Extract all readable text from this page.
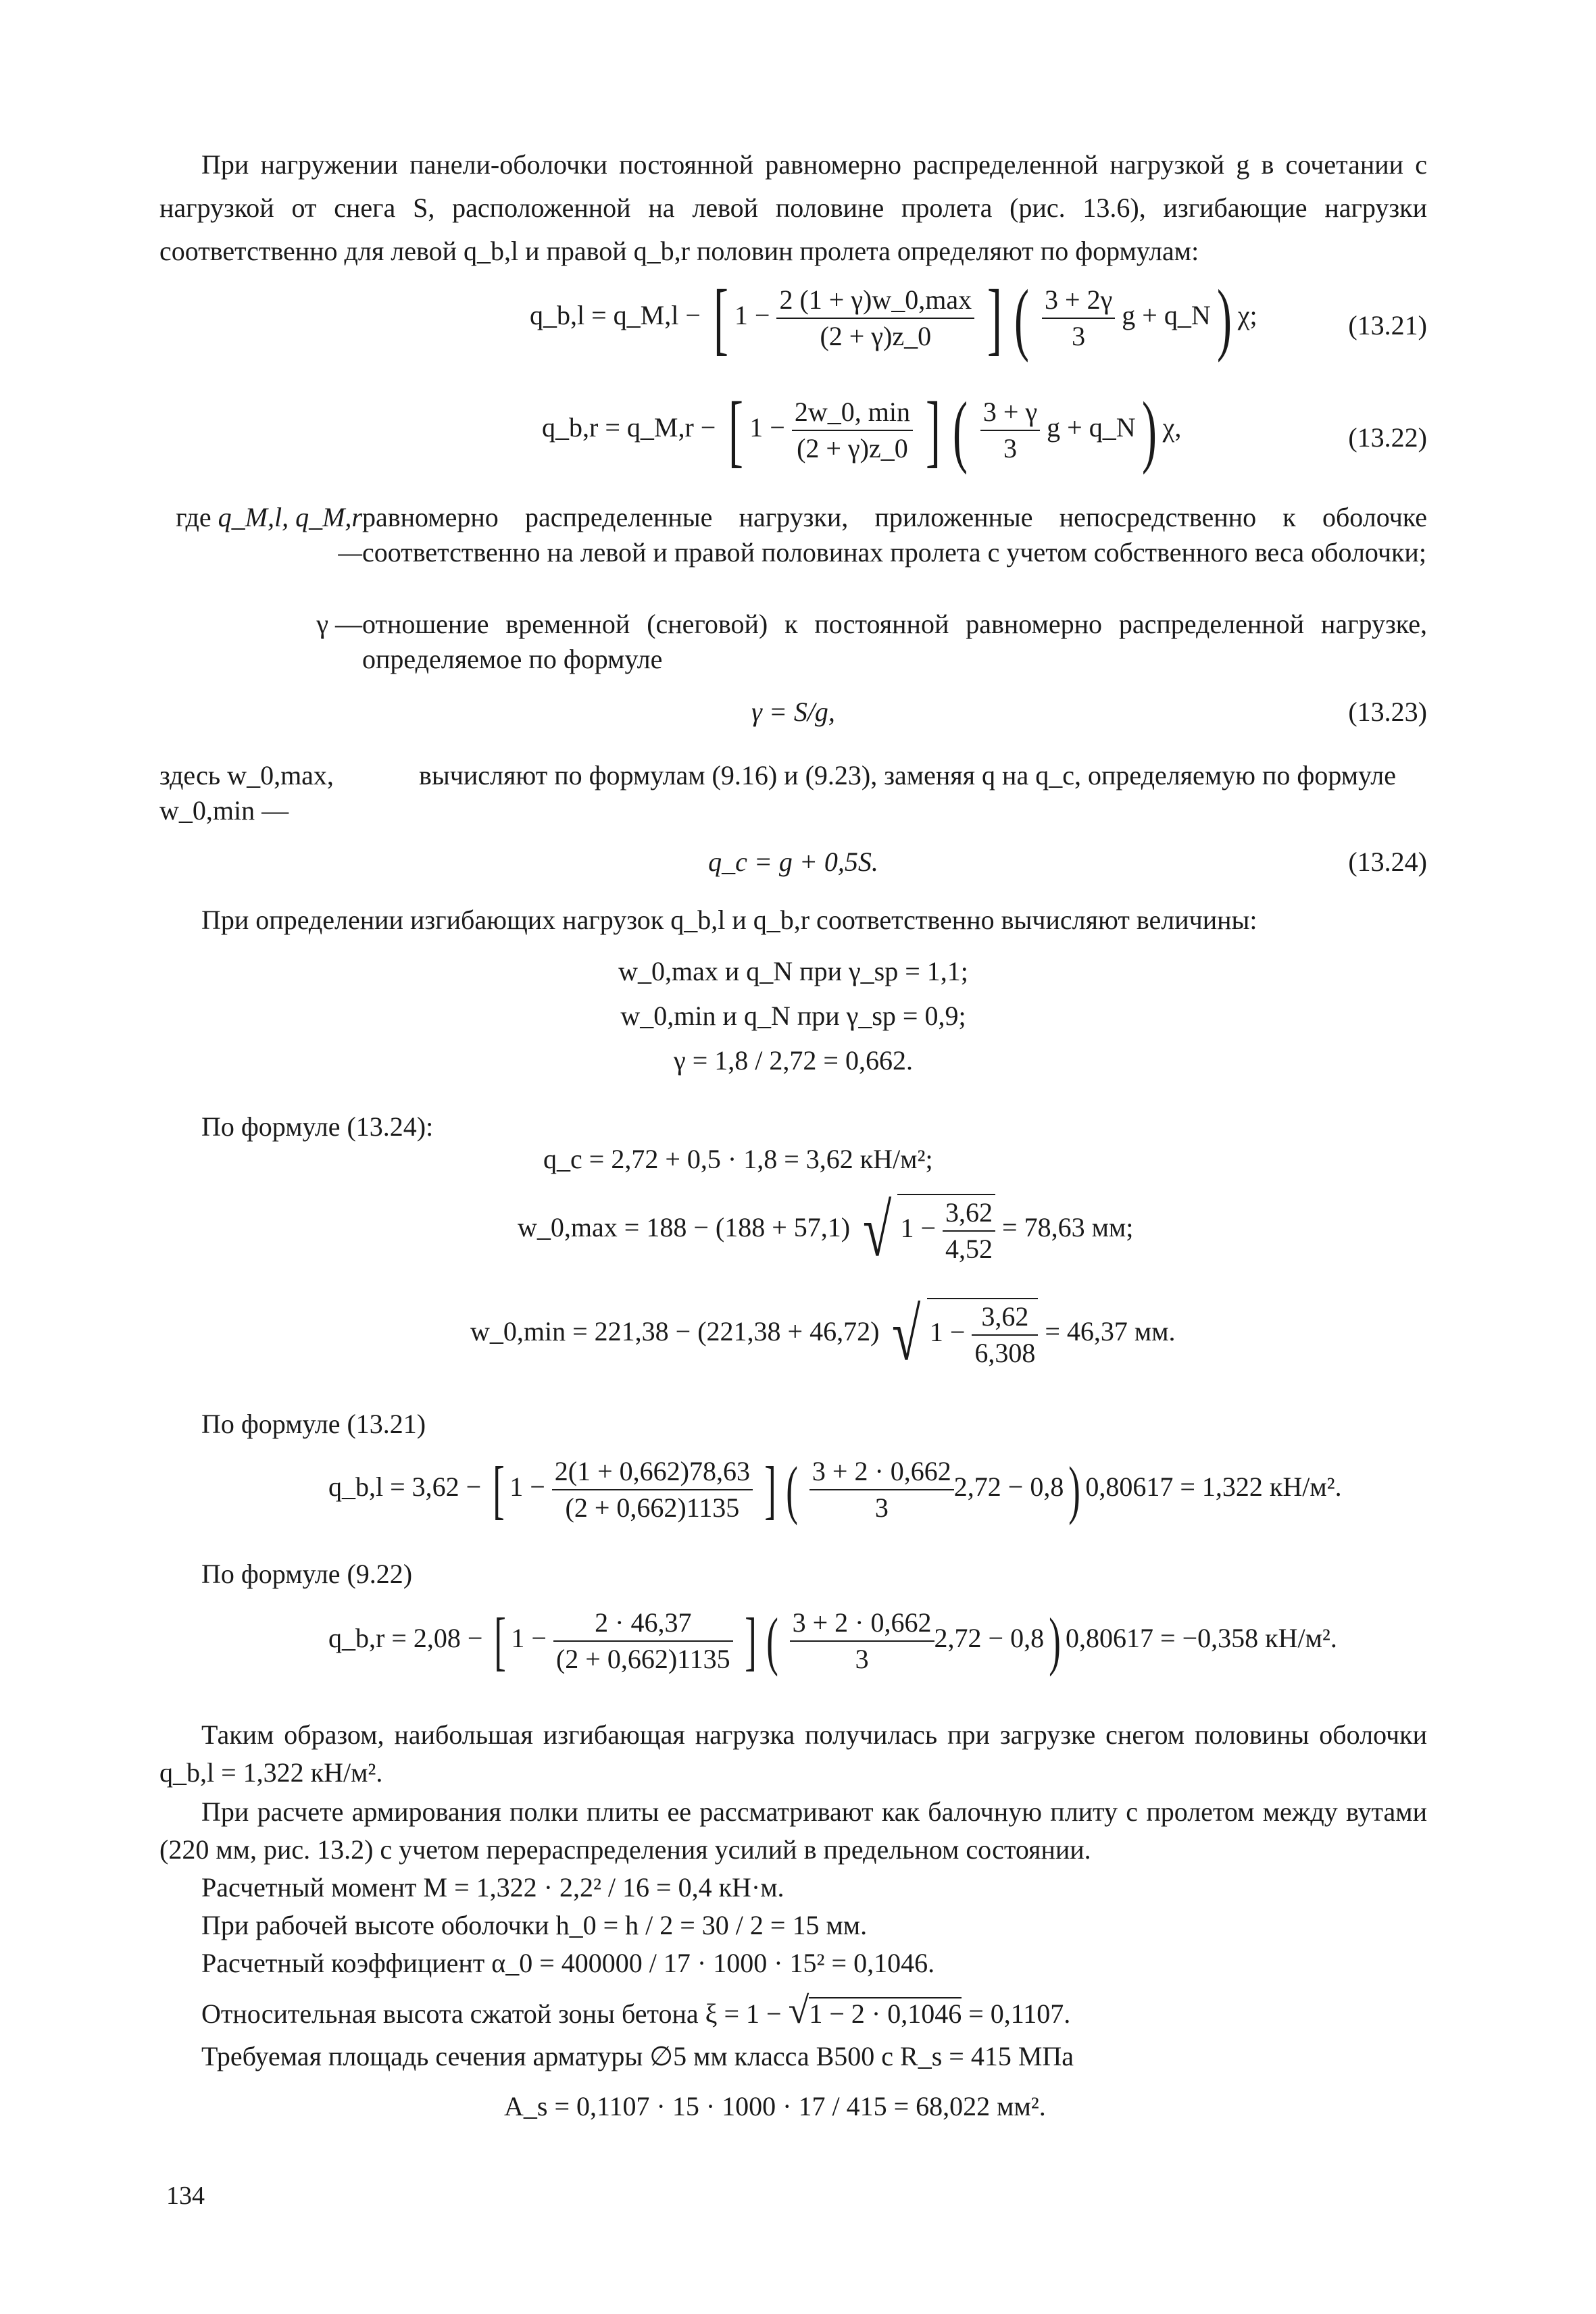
При нагружении панели-оболочки постоянной равномерно распределенной нагрузкой g в сочетании с нагрузкой от снега S, расположенной на левой половине пролета (рис. 13.6), изгибающие нагрузки соответственно для левой q_b,l и правой q_b,r половин пролета определяют по формулам:
q_b,l = q_M,l − [ $1 - \frac{2 (1 + \gamma)w\_0,\max}{(2 + \gamma)z\_0}$ ] ( $\frac{3 + 2\gamma}{3}$ g + q_N) χ;	(13.21)
q_b,r = q_M,r − [ $1 - \frac{2w\_0, \min}{(2 + \gamma)z\_0}$ ] ( $\frac{3 + \gamma}{3}$ g + q_N) χ,	(13.22)
где q_M,l, q_M,r —
равномерно распределенные нагрузки, приложенные непосредственно к оболочке соответственно на левой и правой половинах пролета с учетом собственного веса оболочки;
γ — отношение временной (снеговой) к постоянной равномерно распределенной нагрузке, определяемое по формуле
γ = S/g,	(13.23)
здесь w_0,max, w_0,min —
вычисляют по формулам (9.16) и (9.23), заменяя q на q_c, определяемую по формуле
q_c = g + 0,5S.	(13.24)
При определении изгибающих нагрузок q_b,l и q_b,r соответственно вычисляют величины:
w_0,max и q_N при γ_sp = 1,1;
w_0,min и q_N при γ_sp = 0,9;
γ = 1,8 / 2,72 = 0,662.
По формуле (13.24):
q_c = 2,72 + 0,5 · 1,8 = 3,62 кН/м²;
w_0,max = 188 − (188 + 57,1) √ $1 - \frac{3,62}{4,52} = 78,63$ мм;
w_0,min = 221,38 − (221,38 + 46,72) √ $1 - \frac{3,62}{6,308} = 46,37$ мм.
По формуле (13.21)
q_b,l = 3,62 − [ $1 - \frac{2(1 + 0,662)78,63}{(2 + 0,662)1135}$ ] ( $\frac{3 + 2 \cdot 0,662}{3} 2,72 - 0,8$) 0,80617 = 1,322 кН/м².
По формуле (9.22)
q_b,r = 2,08 − [ $1 - \frac{2 \cdot 46,37}{(2 + 0,662)1135}$ ] ( $\frac{3 + 2 \cdot 0,662}{3} 2,72 - 0,8$) 0,80617 = −0,358 кН/м².
Таким образом, наибольшая изгибающая нагрузка получилась при загрузке снегом половины оболочки q_b,l = 1,322 кН/м².
При расчете армирования полки плиты ее рассматривают как балочную плиту с пролетом между вутами (220 мм, рис. 13.2) с учетом перераспределения усилий в предельном состоянии.
Расчетный момент M = 1,322 · 2,2² / 16 = 0,4 кН·м.
При рабочей высоте оболочки h_0 = h / 2 = 30 / 2 = 15 мм.
Расчетный коэффициент α_0 = 400000 / 17 · 1000 · 15² = 0,1046.
Относительная высота сжатой зоны бетона ξ = 1 − √1 − 2 · 0,1046 = 0,1107.
Требуемая площадь сечения арматуры ∅5 мм класса В500 с R_s = 415 МПа
A_s = 0,1107 · 15 · 1000 · 17 / 415 = 68,022 мм².
134
